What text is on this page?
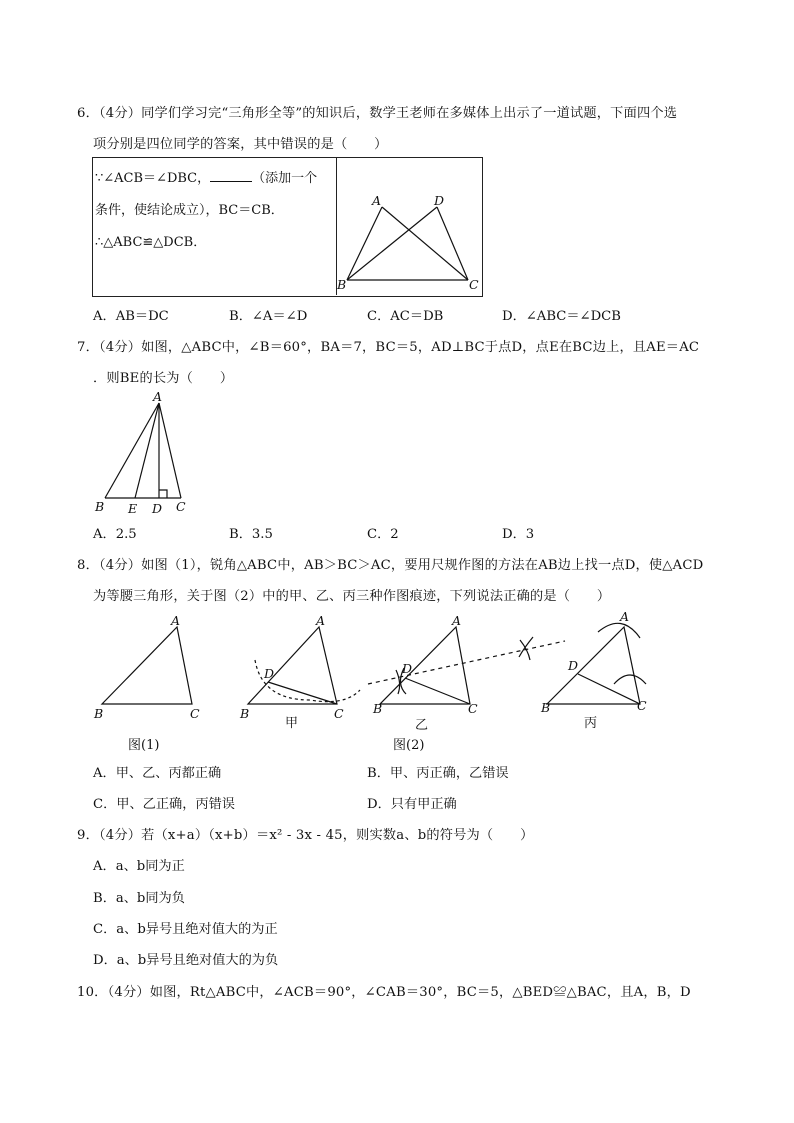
6．（4分）同学们学习完“三角形全等”的知识后，数学王老师在多媒体上出示了一道试题，下面四个选
项分别是四位同学的答案，其中错误的是（　　）
∵∠ACB＝∠DBC，	（添加一个
条件，使结论成立），BC＝CB．
∴△ABC≌△DCB．
A	D
B	C
A．AB＝DC	B．∠A＝∠D	C．AC＝DB	D．∠ABC＝∠DCB
7．（4分）如图，△ABC中，∠B＝60°，BA＝7，BC＝5，AD⊥BC于点D，点E在BC边上，且AE＝AC
．则BE的长为（　　）
A
B E D C
A．2.5	B．3.5	C．2	D．3
8．（4分）如图（1），锐角△ABC中，AB＞BC＞AC，要用尺规作图的方法在AB边上找一点D，使△ACD
为等腰三角形，关于图（2）中的甲、乙、丙三种作图痕迹，下列说法正确的是（　　）
A
B	C
A
D
B	C
A
D
B	C
A
D
B	C
甲	乙	丙
图(1)	图(2)
A．甲、乙、丙都正确	B．甲、丙正确，乙错误
C．甲、乙正确，丙错误	D．只有甲正确
9．（4分）若（x+a）（x+b）＝x² - 3x - 45，则实数a、b的符号为（　　）
A．a、b同为正
B．a、b同为负
C．a、b异号且绝对值大的为正
D．a、b异号且绝对值大的为负
10．（4分）如图，Rt△ABC中，∠ACB＝90°，∠CAB＝30°，BC＝5，△BED≌△BAC，且A，B，D
